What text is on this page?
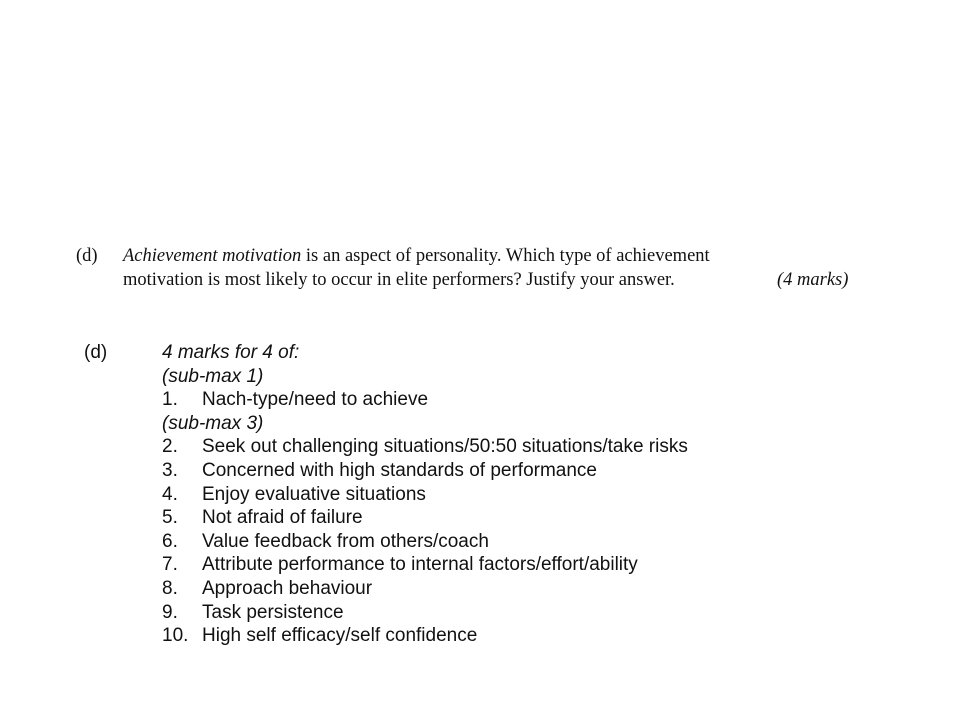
(d) Achievement motivation is an aspect of personality. Which type of achievement
motivation is most likely to occur in elite performers? Justify your answer.	(4 marks)
(d)	4 marks for 4 of:
(sub-max 1)
1.	Nach-type/need to achieve
(sub-max 3)
2.	Seek out challenging situations/50:50 situations/take risks
3.	Concerned with high standards of performance
4.	Enjoy evaluative situations
5.	Not afraid of failure
6.	Value feedback from others/coach
7.	Attribute performance to internal factors/effort/ability
8.	Approach behaviour
9.	Task persistence
10. High self efficacy/self confidence
